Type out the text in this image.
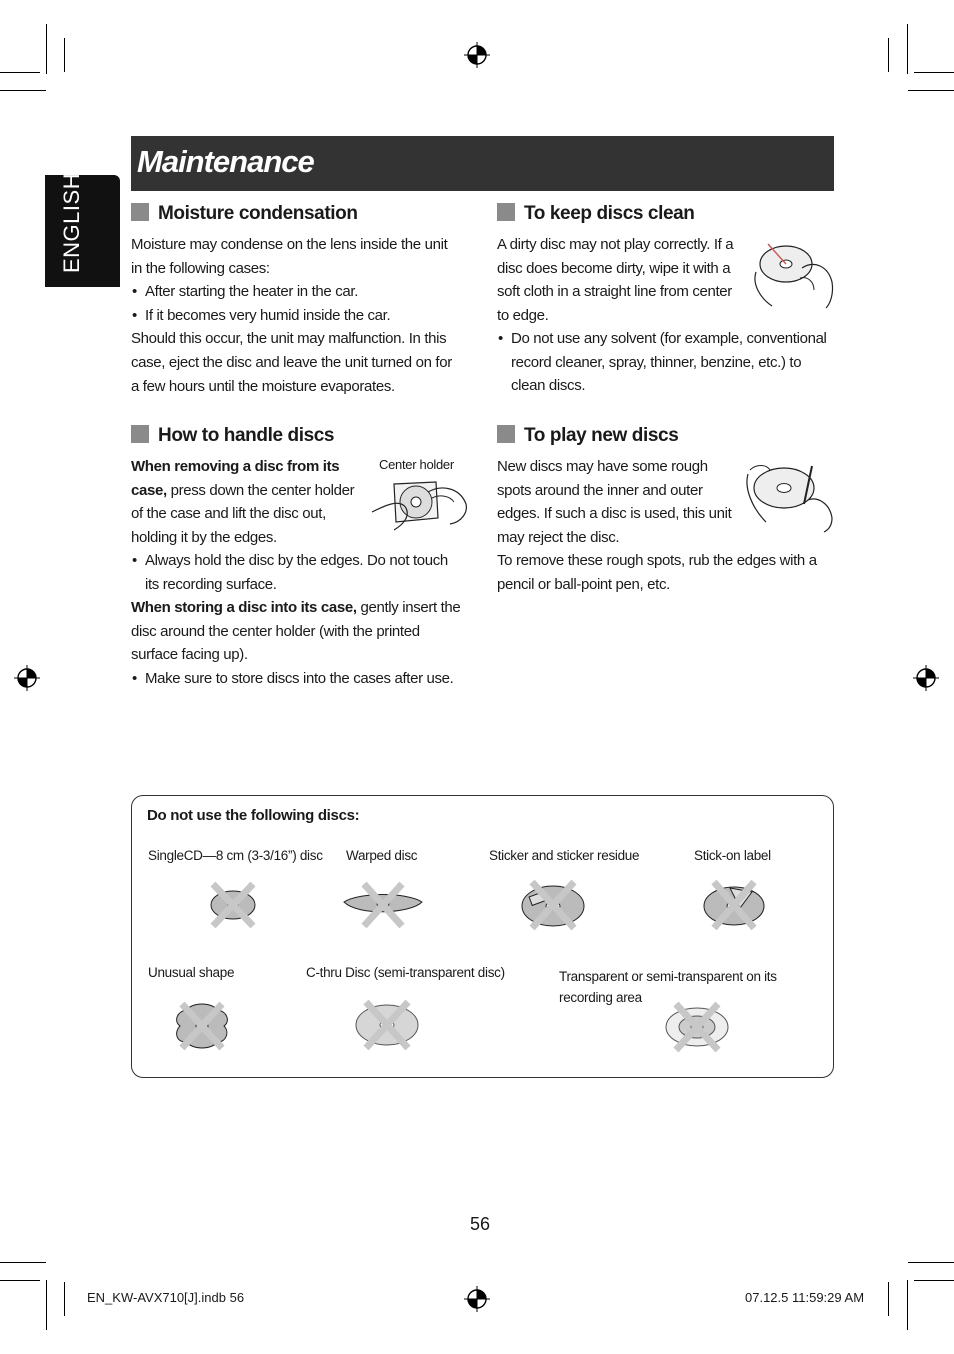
ENGLISH
Maintenance
Moisture condensation

Moisture may condense on the lens inside the unit in the following cases:

• After starting the heater in the car.

• If it becomes very humid inside the car.

Should this occur, the unit may malfunction. In this case, eject the disc and leave the unit turned on for a few hours until the moisture evaporates.

How to handle discs

When removing a disc from its case, press down the center holder of the case and lift the disc out, holding it by the edges.

Center holder

• Always hold the disc by the edges. Do not touch its recording surface.

When storing a disc into its case, gently insert the disc around the center holder (with the printed surface facing up).

• Make sure to store discs into the cases after use.

To keep discs clean
A dirty disc may not play correctly. If a disc does become dirty, wipe it with a soft cloth in a straight line from center to edge.

• Do not use any solvent (for example, conventional record cleaner, spray, thinner, benzine, etc.) to clean discs.

To play new discs
New discs may have some rough spots around the inner and outer edges. If such a disc is used, this unit may reject the disc.
To remove these rough spots, rub the edges with a pencil or ball-point pen, etc.
Do not use the following discs:
SingleCD—8 cm (3-3/16”) disc Warped disc	Sticker and sticker residue	Stick-on label
Unusual shape	C-thru Disc (semi-transparent disc)	Transparent or semi-transparent on its recording area
56
EN_KW-AVX710[J].indb 56	07.12.5 11:59:29 AM
